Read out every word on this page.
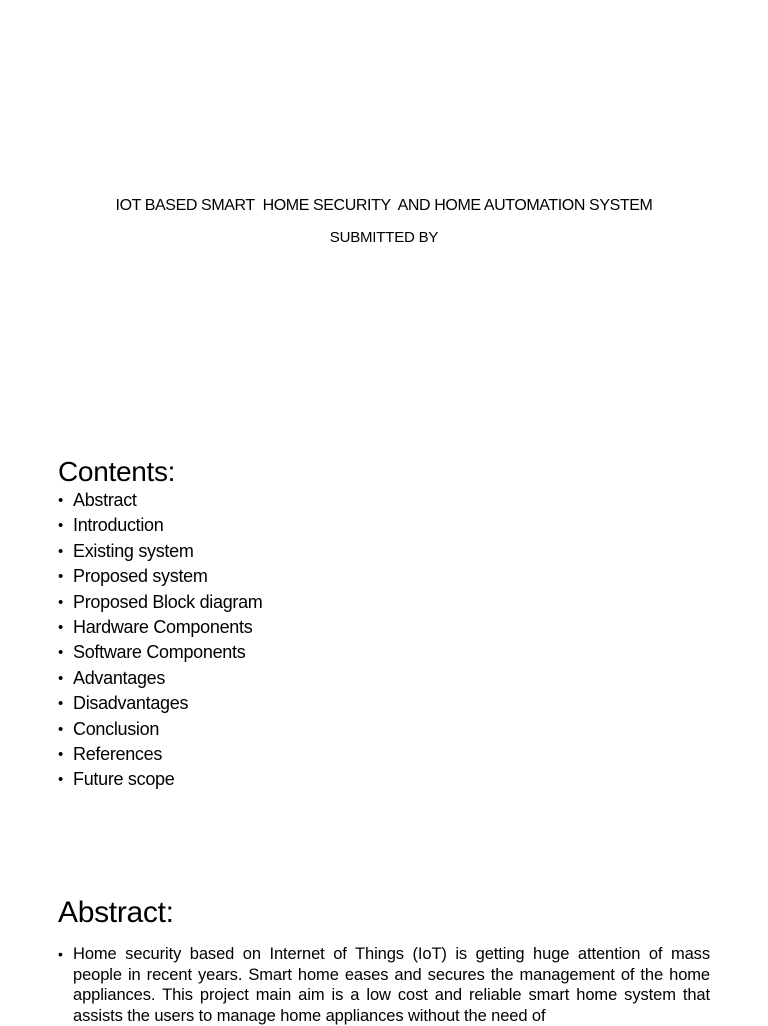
IOT BASED SMART  HOME SECURITY  AND HOME AUTOMATION SYSTEM
SUBMITTED BY
Contents:
• Abstract
• Introduction
• Existing system
• Proposed system
• Proposed Block diagram
• Hardware Components
• Software Components
• Advantages
• Disadvantages
• Conclusion
• References
• Future scope
Abstract:
• Home security based on Internet of Things (IoT) is getting huge attention of mass people in recent years. Smart home eases and secures the management of the home appliances. This project main aim is a low cost and reliable smart home system that assists the users to manage home appliances without the need of
